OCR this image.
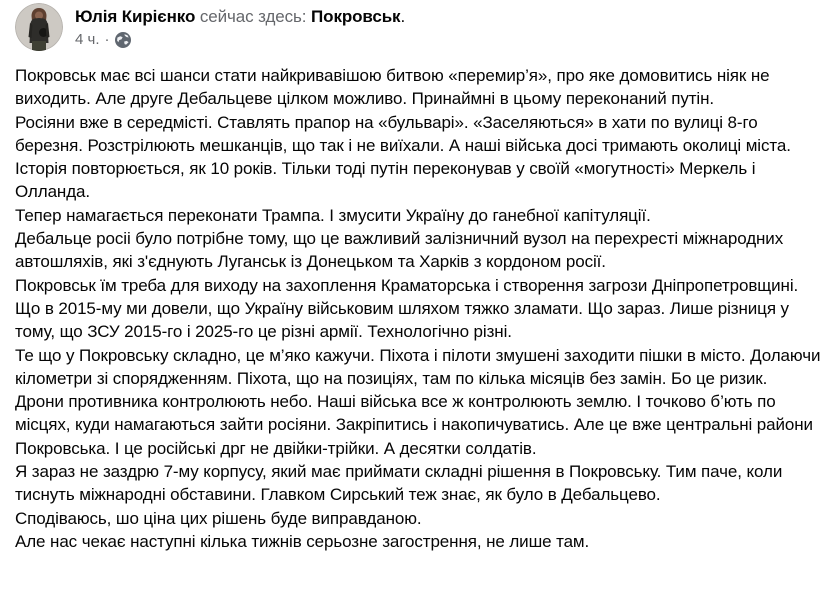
Юлія Кирієнко сейчас здесь: Покровськ.
4 ч. ·
Покровськ має всі шанси стати найкривавішою битвою «перемир’я», про яке домовитись ніяк не виходить. Але друге Дебальцеве цілком можливо. Принаймні в цьому переконаний путін.
Росіяни вже в середмісті. Ставлять прапор на «бульварі». «Заселяються» в хати по вулиці 8-го березня. Розстрілюють мешканців, що так і не виїхали. А наші війська досі тримають околиці міста. Історія повторюється, як 10 років. Тільки тоді путін переконував у своїй «могутності» Меркель і Олланда.
Тепер намагається переконати Трампа. І змусити Україну до ганебної капітуляції.
Дебальце росіі було потрібне тому, що це важливий залізничний вузол на перехресті міжнародних автошляхів, які з'єднують Луганськ із Донецьком та Харків з кордоном росії.
Покровськ їм треба для виходу на захоплення Краматорська і створення загрози Дніпропетровщині.
Що в 2015-му ми довели, що Україну військовим шляхом тяжко зламати. Що зараз. Лише різниця у тому, що ЗСУ 2015-го і 2025-го це різні армії. Технологічно різні.
Те що у Покровську складно, це м’яко кажучи. Піхота і пілоти змушені заходити пішки в місто. Долаючи кілометри зі спорядженням. Піхота, що на позиціях, там по кілька місяців без замін. Бо це ризик.
Дрони противника контролюють небо. Наші війська все ж контролюють землю. І точково б’ють по місцях, куди намагаються зайти росіяни. Закріпитись і накопичуватись. Але це вже центральні райони Покровська. І це російські дрг не двійки-трійки. А десятки солдатів.
Я зараз не заздрю 7-му корпусу, який має приймати складні рішення в Покровську. Тим паче, коли тиснуть міжнародні обставини. Главком Сирський теж знає, як було в Дебальцево.
Сподіваюсь, шо ціна цих рішень буде виправданою.
Але нас чекає наступні кілька тижнів серьозне загострення, не лише там.
